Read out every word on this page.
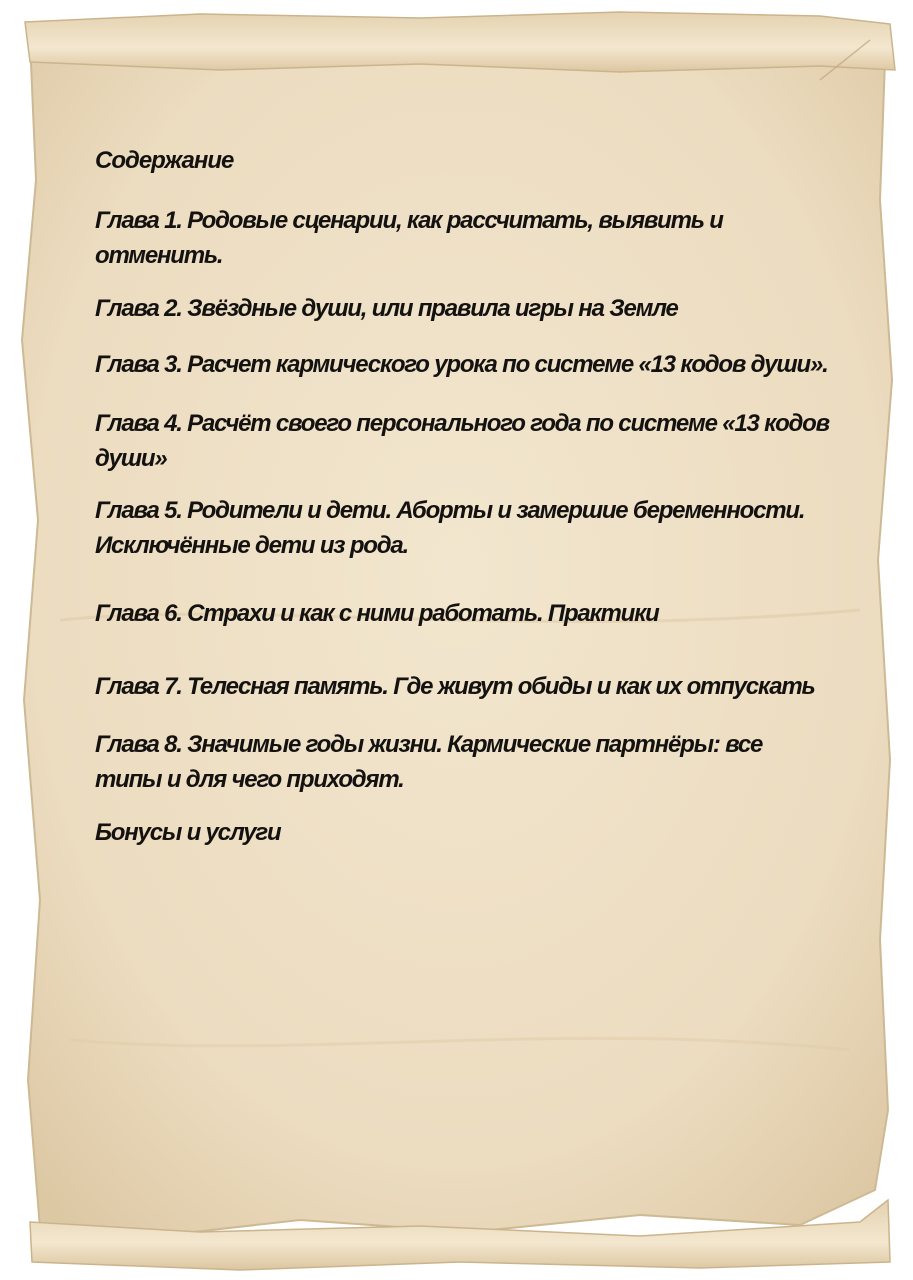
Содержание
Глава 1. Родовые сценарии, как рассчитать, выявить и
отменить.
Глава 2. Звёздные души, или правила игры на Земле
Глава 3. Расчет кармического урока по системе «13 кодов души».
Глава 4. Расчёт своего персонального года по системе «13 кодов
души»
Глава 5. Родители и дети. Аборты и замершие беременности.
Исключённые дети из рода.
Глава 6. Страхи и как с ними работать. Практики
Глава 7. Телесная память. Где живут обиды и как их отпускать
Глава 8. Значимые годы жизни. Кармические партнёры: все
типы и для чего приходят.
Бонусы и услуги
